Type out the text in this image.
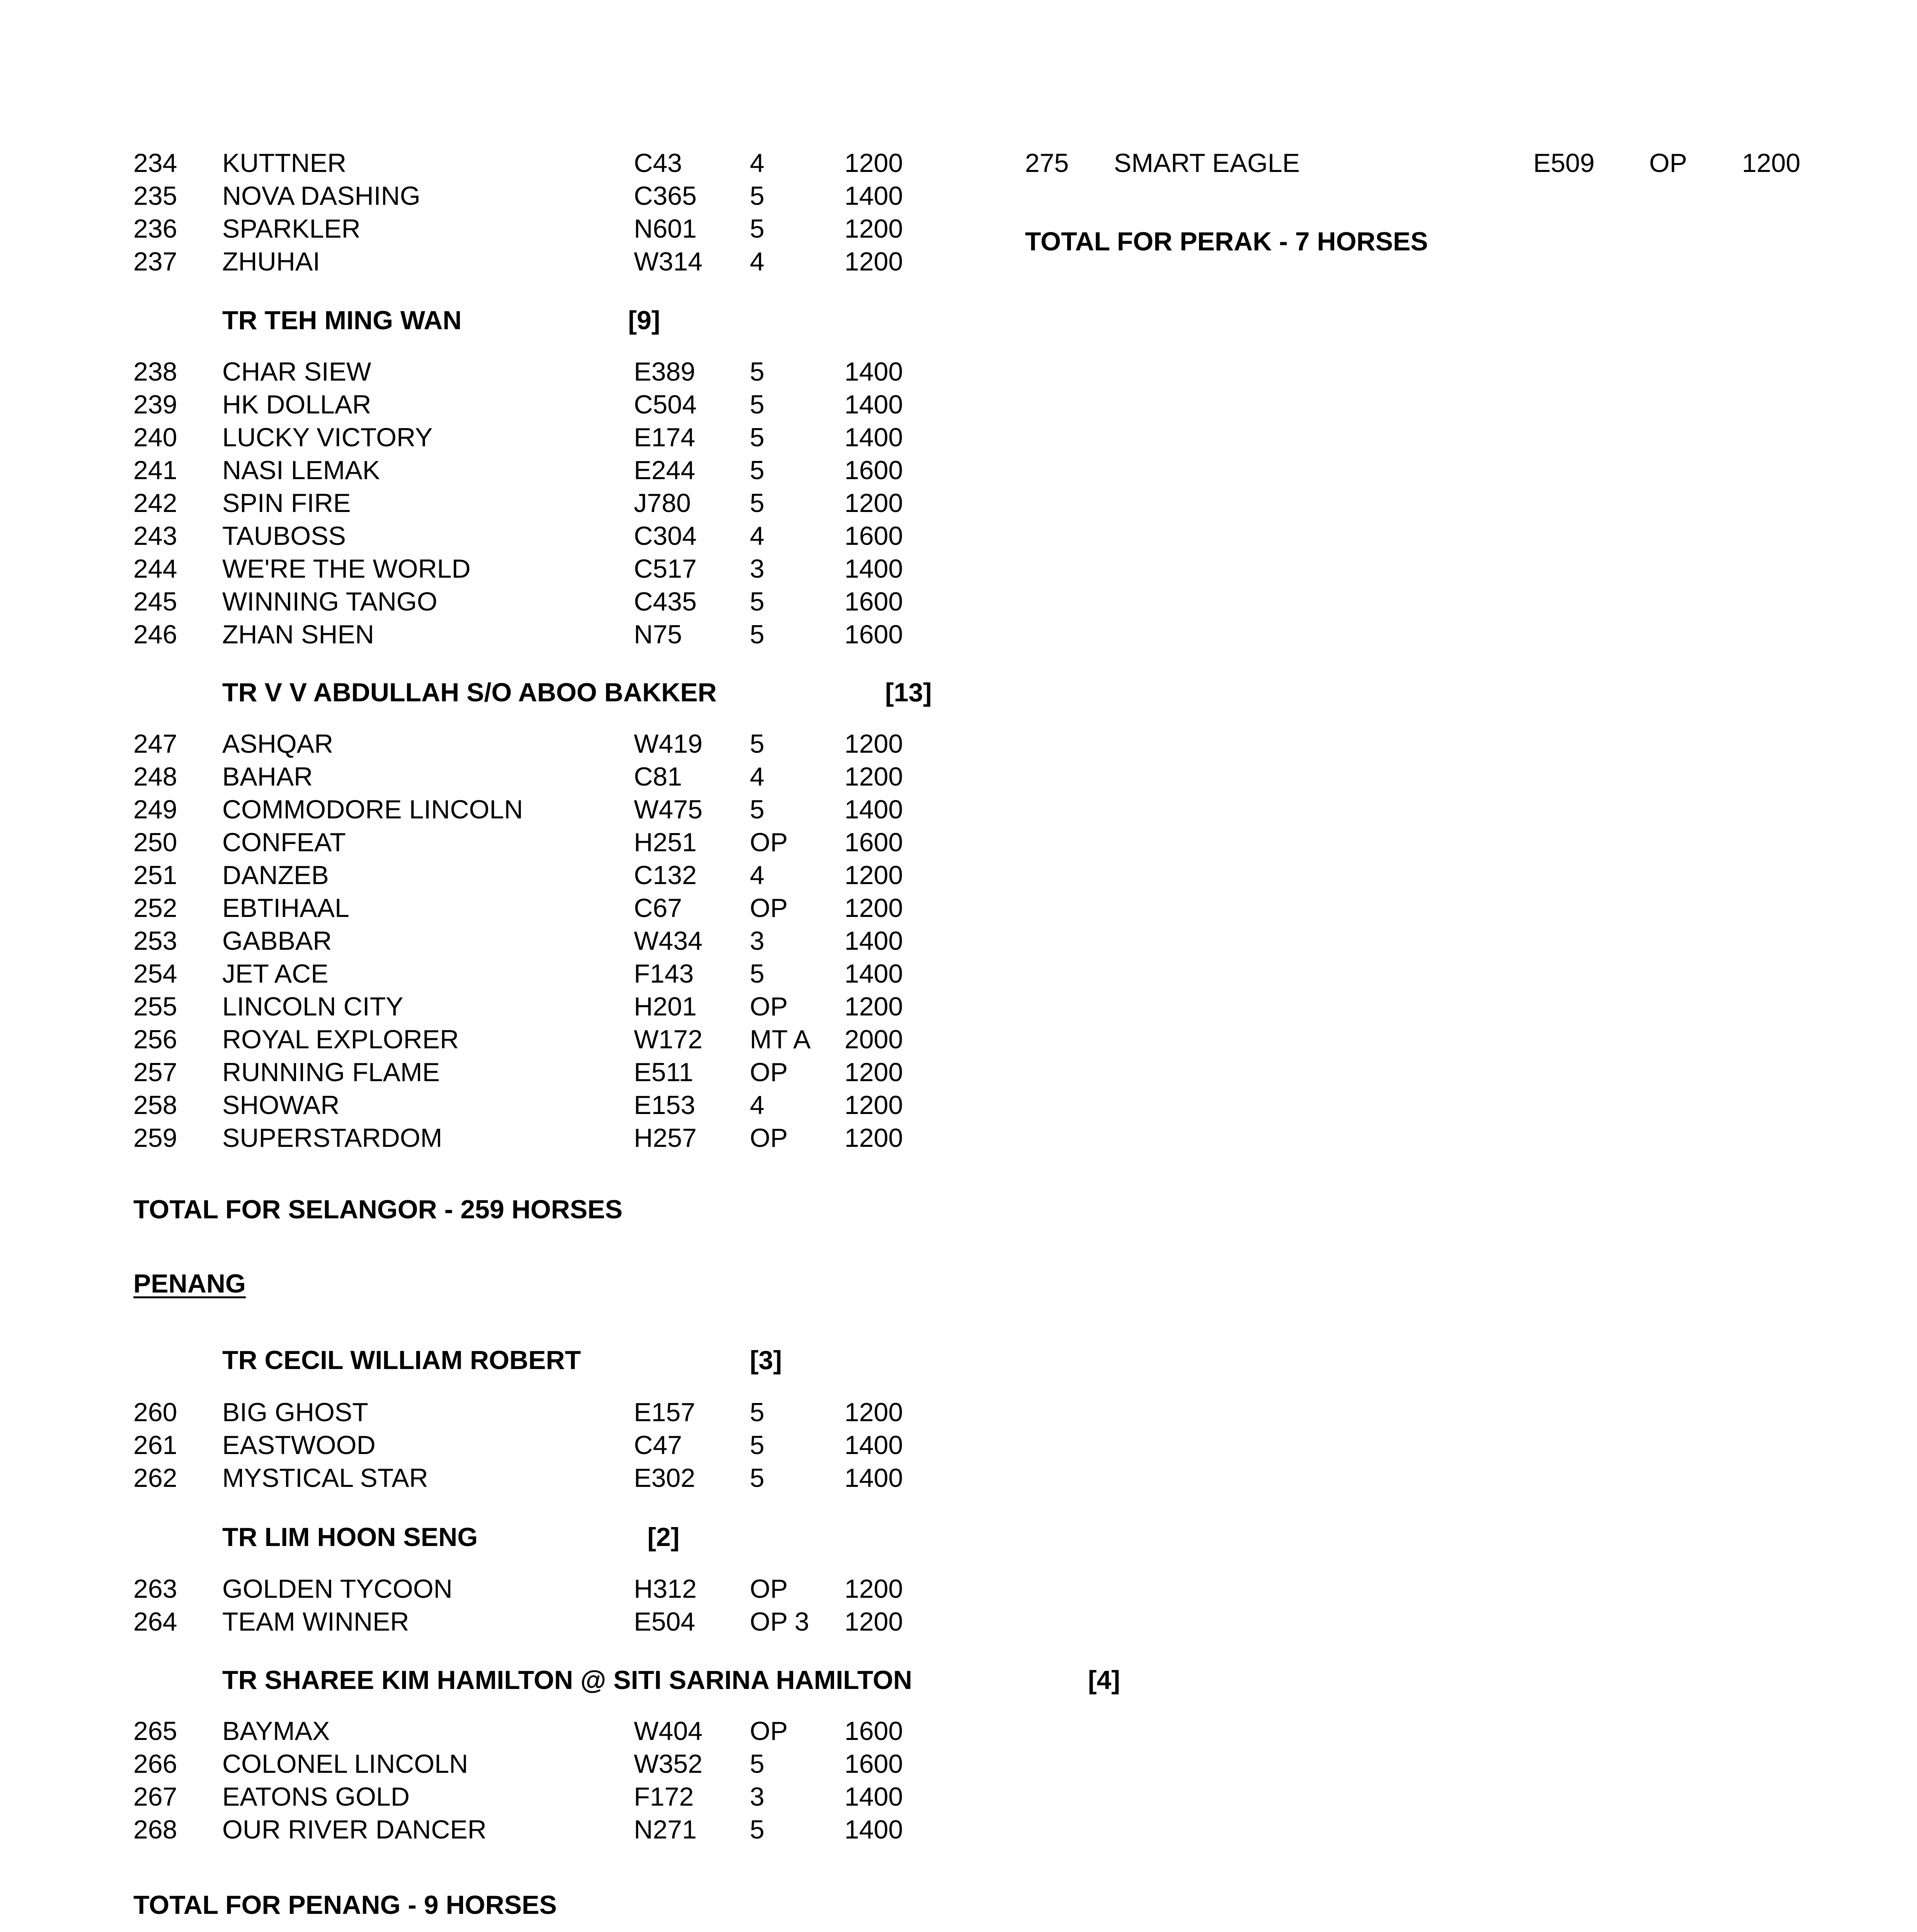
234 KUTTNER	C43	4	1200
235 NOVA DASHING	C365 5	1400
236 SPARKLER	N601 5	1200
237 ZHUHAI	W314 4	1200
TR TEH MING WAN	[9]
238 CHAR SIEW	E389 5	1400
239 HK DOLLAR	C504 5	1400
240 LUCKY VICTORY	E174 5	1400
241 NASI LEMAK	E244 5	1600
242 SPIN FIRE	J780 5	1200
243 TAUBOSS	C304 4	1600
244 WE'RE THE WORLD	C517 3	1400
245 WINNING TANGO	C435 5	1600
246 ZHAN SHEN	N75	5	1600
TR V V ABDULLAH S/O ABOO BAKKER	[13]
247 ASHQAR	W419 5	1200
248 BAHAR	C81	4	1200
249 COMMODORE LINCOLN	W475 5	1400
250 CONFEAT	H251 OP 1600
251 DANZEB	C132 4	1200
252 EBTIHAAL	C67	OP 1200
253 GABBAR	W434 3	1400
254 JET ACE	F143 5	1400
255 LINCOLN CITY	H201 OP 1200
256 ROYAL EXPLORER	W172 MT A 2000
257 RUNNING FLAME	E511 OP 1200
258 SHOWAR	E153 4	1200
259 SUPERSTARDOM	H257 OP 1200
TOTAL FOR SELANGOR - 259 HORSES
PENANG
TR CECIL WILLIAM ROBERT	[3]
260 BIG GHOST	E157 5	1200
261 EASTWOOD	C47	5	1400
262 MYSTICAL STAR	E302 5	1400
TR LIM HOON SENG	[2]
263 GOLDEN TYCOON	H312 OP 1200
264 TEAM WINNER	E504 OP 3 1200
TR SHAREE KIM HAMILTON @ SITI SARINA HAMILTON	[4]
265 BAYMAX	W404 OP 1600
266 COLONEL LINCOLN	W352 5	1600
267 EATONS GOLD	F172 3	1400
268 OUR RIVER DANCER	N271 5	1400
TOTAL FOR PENANG - 9 HORSES
275 SMART EAGLE	E509 OP 1200
TOTAL FOR PERAK - 7 HORSES
